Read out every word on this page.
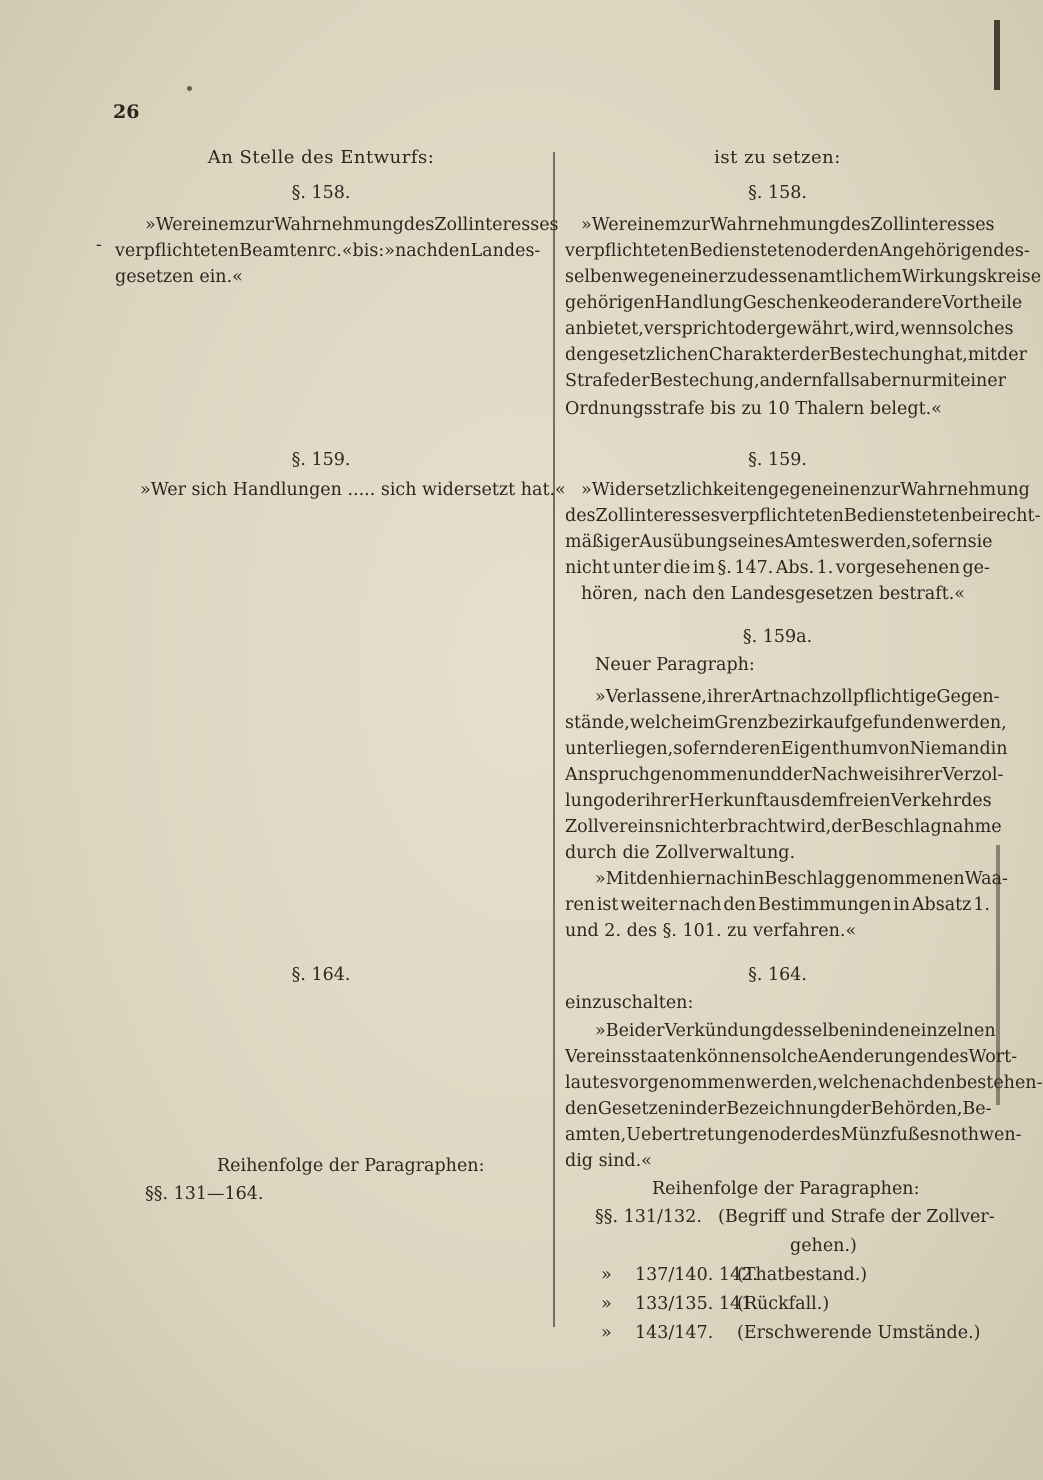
26
An Stelle des Entwurfs:
§. 158.
»Wer einem zur Wahrnehmung des Zollinteresses
verpflichteten Beamten rc.« bis: »nach den Landes-
gesetzen ein.«
§. 159.
»Wer sich Handlungen ..... sich widersetzt hat.«
§. 164.
Reihenfolge der Paragraphen:
§§. 131—164.
-
ist zu setzen:
§. 158.
»Wer einem zur Wahrnehmung des Zollinteresses
verpflichteten Bediensteten oder den Angehörigen des-
selben wegen einer zu dessen amtlichem Wirkungskreise
gehörigen Handlung Geschenke oder andere Vortheile
anbietet, verspricht oder gewährt, wird, wenn solches
den gesetzlichen Charakter der Bestechung hat, mit der
Strafe der Bestechung, andernfalls aber nur mit einer
Ordnungsstrafe bis zu 10 Thalern belegt.«
§. 159.
»Widersetzlichkeiten gegen einen zur Wahrnehmung
des Zollinteresses verpflichteten Bediensteten bei recht-
mäßiger Ausübung seines Amtes werden, sofern sie
nicht unter die im §. 147. Abs. 1. vorgesehenen ge-
hören, nach den Landesgesetzen bestraft.«
§. 159a.
Neuer Paragraph:
»Verlassene, ihrer Art nach zollpflichtige Gegen-
stände, welche im Grenzbezirk aufgefunden werden,
unterliegen, sofern deren Eigenthum von Niemand in
Anspruch genommen und der Nachweis ihrer Verzol-
lung oder ihrer Herkunft aus dem freien Verkehr des
Zollvereins nicht erbracht wird, der Beschlagnahme
durch die Zollverwaltung.
»Mit den hiernach in Beschlag genommenen Waa-
ren ist weiter nach den Bestimmungen in Absatz 1.
und 2. des §. 101. zu verfahren.«
§. 164.
einzuschalten:
»Bei der Verkündung desselben in den einzelnen
Vereinsstaaten können solche Aenderungen des Wort-
lautes vorgenommen werden, welche nach den bestehen-
den Gesetzen in der Bezeichnung der Behörden, Be-
amten, Uebertretungen oder des Münzfußes nothwen-
dig sind.«
Reihenfolge der Paragraphen:
§§. 131/132. (Begriff und Strafe der Zollver-
gehen.)
» 137/140. 142.
(Thatbestand.)
» 133/135. 141.
(Rückfall.)
» 143/147. (Erschwerende Umstände.)
